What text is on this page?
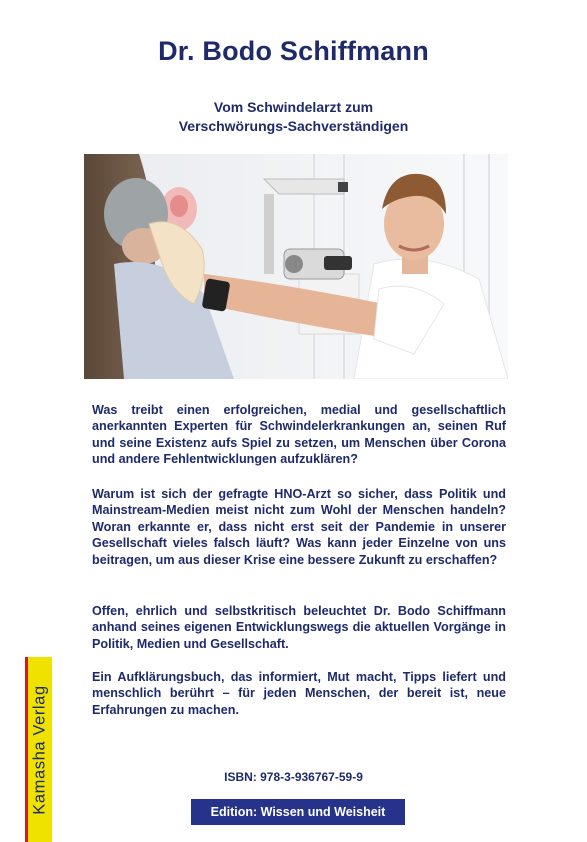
Dr. Bodo Schiffmann
Vom Schwindelarzt zum
Verschwörungs-Sachverständigen
Was treibt einen erfolgreichen, medial und gesellschaftlich anerkannten Experten für Schwindelerkrankungen an, seinen Ruf und seine Existenz aufs Spiel zu setzen, um Menschen über Corona und andere Fehlentwicklungen aufzuklären?
Warum ist sich der gefragte HNO-Arzt so sicher, dass Politik und Mainstream-Medien meist nicht zum Wohl der Menschen handeln? Woran erkannte er, dass nicht erst seit der Pandemie in unserer Gesellschaft vieles falsch läuft? Was kann jeder Einzelne von uns beitragen, um aus dieser Krise eine bessere Zukunft zu erschaffen?
Offen, ehrlich und selbstkritisch beleuchtet Dr. Bodo Schiffmann anhand seines eigenen Entwicklungswegs die aktuellen Vorgänge in Politik, Medien und Gesellschaft.
Ein Aufklärungsbuch, das informiert, Mut macht, Tipps liefert und menschlich berührt – für jeden Menschen, der bereit ist, neue Erfahrungen zu machen.
ISBN: 978-3-936767-59-9
Edition: Wissen und Weisheit
Kamasha Verlag
